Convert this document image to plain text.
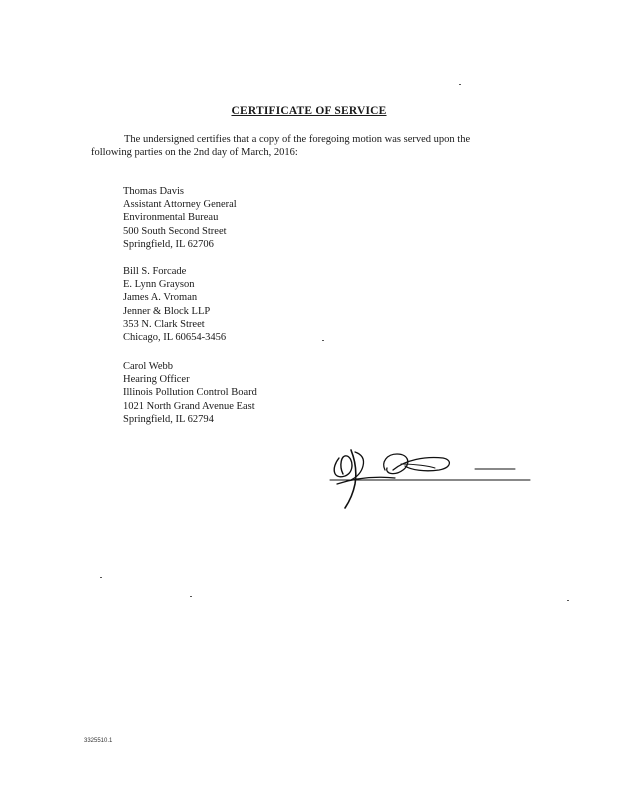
CERTIFICATE OF SERVICE
The undersigned certifies that a copy of the foregoing motion was served upon the
following parties on the 2nd day of March, 2016:
Thomas Davis
Assistant Attorney General
Environmental Bureau
500 South Second Street
Springfield, IL 62706
Bill S. Forcade
E. Lynn Grayson
James A. Vroman
Jenner & Block LLP
353 N. Clark Street
Chicago, IL 60654-3456
Carol Webb
Hearing Officer
Illinois Pollution Control Board
1021 North Grand Avenue East
Springfield, IL 62794
3325510.1
